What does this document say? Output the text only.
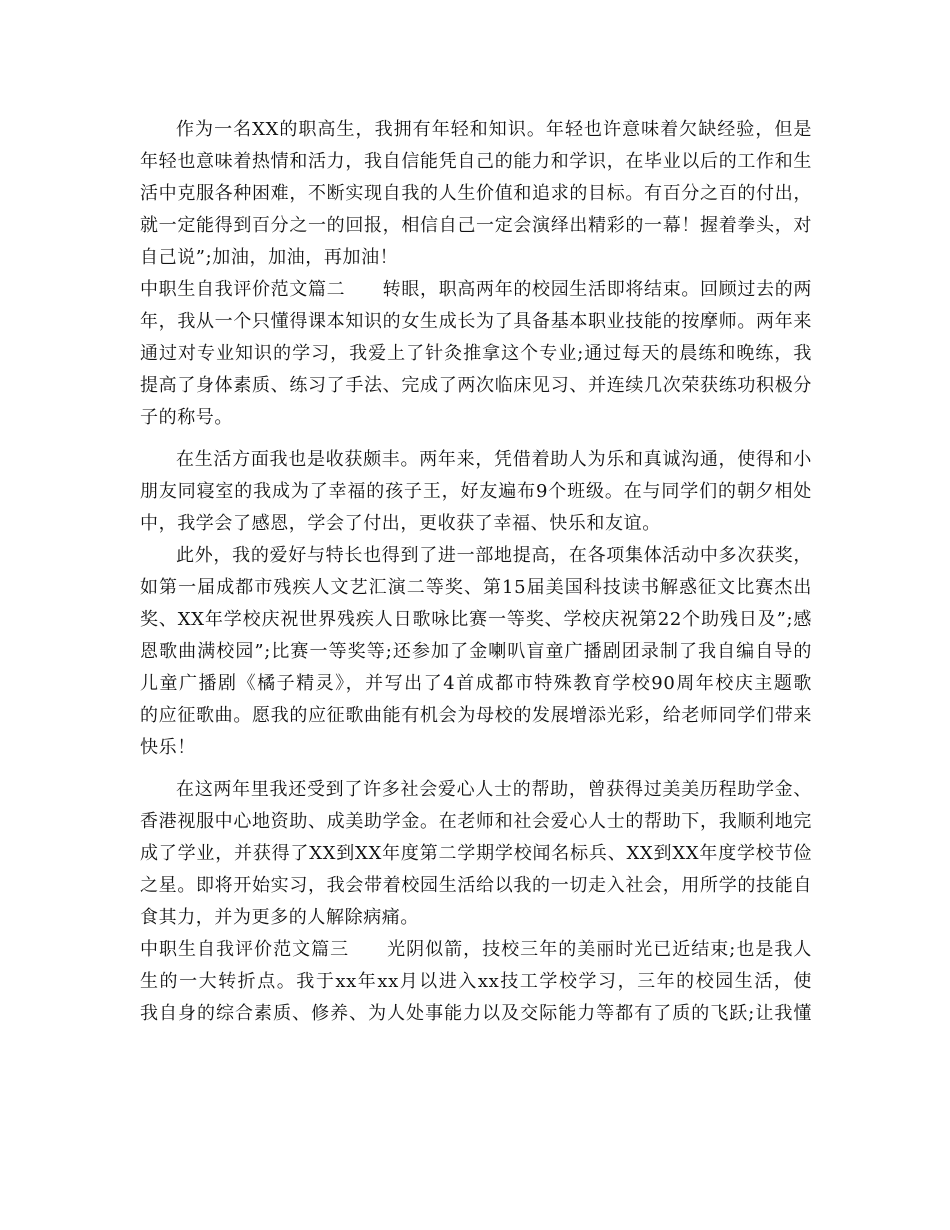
作为一名XX的职高生，我拥有年轻和知识。年轻也许意味着欠缺经验，但是
年轻也意味着热情和活力，我自信能凭自己的能力和学识，在毕业以后的工作和生
活中克服各种困难，不断实现自我的人生价值和追求的目标。有百分之百的付出，
就一定能得到百分之一的回报，相信自己一定会演绎出精彩的一幕！握着拳头，对
自己说”;加油，加油，再加油！
中职生自我评价范文篇二　　转眼，职高两年的校园生活即将结束。回顾过去的两
年，我从一个只懂得课本知识的女生成长为了具备基本职业技能的按摩师。两年来
通过对专业知识的学习，我爱上了针灸推拿这个专业;通过每天的晨练和晚练，我
提高了身体素质、练习了手法、完成了两次临床见习、并连续几次荣获练功积极分
子的称号。
在生活方面我也是收获颇丰。两年来，凭借着助人为乐和真诚沟通，使得和小
朋友同寝室的我成为了幸福的孩子王，好友遍布9个班级。在与同学们的朝夕相处
中，我学会了感恩，学会了付出，更收获了幸福、快乐和友谊。
此外，我的爱好与特长也得到了进一部地提高，在各项集体活动中多次获奖，
如第一届成都市残疾人文艺汇演二等奖、第15届美国科技读书解惑征文比赛杰出
奖、XX年学校庆祝世界残疾人日歌咏比赛一等奖、学校庆祝第22个助残日及”;感
恩歌曲满校园”;比赛一等奖等;还参加了金喇叭盲童广播剧团录制了我自编自导的
儿童广播剧《橘子精灵》，并写出了4首成都市特殊教育学校90周年校庆主题歌
的应征歌曲。愿我的应征歌曲能有机会为母校的发展增添光彩，给老师同学们带来
快乐！
在这两年里我还受到了许多社会爱心人士的帮助，曾获得过美美历程助学金、
香港视服中心地资助、成美助学金。在老师和社会爱心人士的帮助下，我顺利地完
成了学业，并获得了XX到XX年度第二学期学校闻名标兵、XX到XX年度学校节俭
之星。即将开始实习，我会带着校园生活给以我的一切走入社会，用所学的技能自
食其力，并为更多的人解除病痛。
中职生自我评价范文篇三　　光阴似箭，技校三年的美丽时光已近结束;也是我人
生的一大转折点。我于xx年xx月以进入xx技工学校学习，三年的校园生活，使
我自身的综合素质、修养、为人处事能力以及交际能力等都有了质的飞跃;让我懂
